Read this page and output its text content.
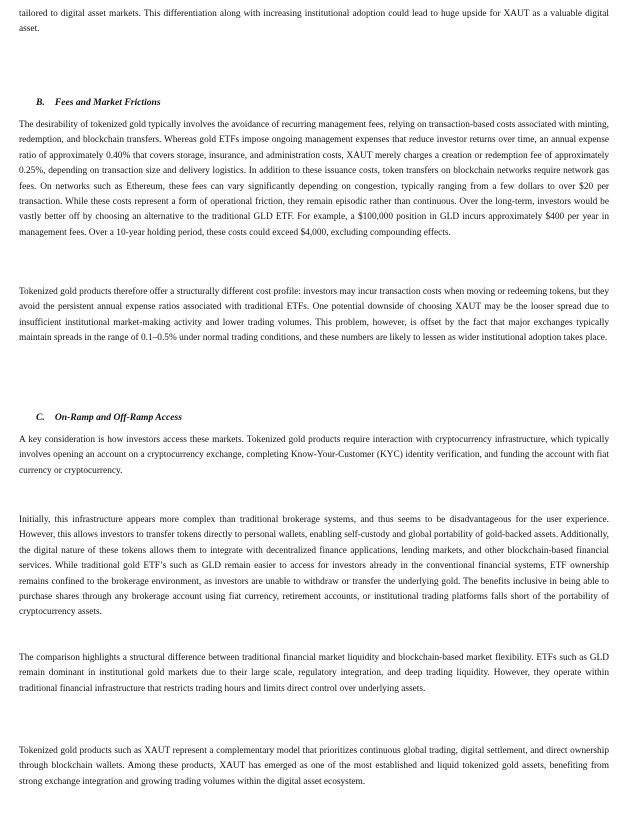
tailored to digital asset markets. This differentiation along with increasing institutional adoption could lead to huge upside for XAUT as a valuable digital asset.

B. Fees and Market Frictions

The desirability of tokenized gold typically involves the avoidance of recurring management fees, relying on transaction-based costs associated with minting, redemption, and blockchain transfers. Whereas gold ETFs impose ongoing management expenses that reduce investor returns over time, an annual expense ratio of approximately 0.40% that covers storage, insurance, and administration costs, XAUT merely charges a creation or redemption fee of approximately 0.25%, depending on transaction size and delivery logistics. In addition to these issuance costs, token transfers on blockchain networks require network gas fees. On networks such as Ethereum, these fees can vary significantly depending on congestion, typically ranging from a few dollars to over $20 per transaction. While these costs represent a form of operational friction, they remain episodic rather than continuous. Over the long-term, investors would be vastly better off by choosing an alternative to the traditional GLD ETF. For example, a $100,000 position in GLD incurs approximately $400 per year in management fees. Over a 10-year holding period, these costs could exceed $4,000, excluding compounding effects.

Tokenized gold products therefore offer a structurally different cost profile: investors may incur transaction costs when moving or redeeming tokens, but they avoid the persistent annual expense ratios associated with traditional ETFs. One potential downside of choosing XAUT may be the looser spread due to insufficient institutional market-making activity and lower trading volumes. This problem, however, is offset by the fact that major exchanges typically maintain spreads in the range of 0.1–0.5% under normal trading conditions, and these numbers are likely to lessen as wider institutional adoption takes place.

C. On-Ramp and Off-Ramp Access

A key consideration is how investors access these markets. Tokenized gold products require interaction with cryptocurrency infrastructure, which typically involves opening an account on a cryptocurrency exchange, completing Know-Your-Customer (KYC) identity verification, and funding the account with fiat currency or cryptocurrency.

Initially, this infrastructure appears more complex than traditional brokerage systems, and thus seems to be disadvantageous for the user experience. However, this allows investors to transfer tokens directly to personal wallets, enabling self-custody and global portability of gold-backed assets. Additionally, the digital nature of these tokens allows them to integrate with decentralized finance applications, lending markets, and other blockchain-based financial services. While traditional gold ETF’s such as GLD remain easier to access for investors already in the conventional financial systems, ETF ownership remains confined to the brokerage environment, as investors are unable to withdraw or transfer the underlying gold. The benefits inclusive in being able to purchase shares through any brokerage account using fiat currency, retirement accounts, or institutional trading platforms falls short of the portability of cryptocurrency assets.

The comparison highlights a structural difference between traditional financial market liquidity and blockchain-based market flexibility. ETFs such as GLD remain dominant in institutional gold markets due to their large scale, regulatory integration, and deep trading liquidity. However, they operate within traditional financial infrastructure that restricts trading hours and limits direct control over underlying assets.

Tokenized gold products such as XAUT represent a complementary model that prioritizes continuous global trading, digital settlement, and direct ownership through blockchain wallets. Among these products, XAUT has emerged as one of the most established and liquid tokenized gold assets, benefiting from strong exchange integration and growing trading volumes within the digital asset ecosystem.
